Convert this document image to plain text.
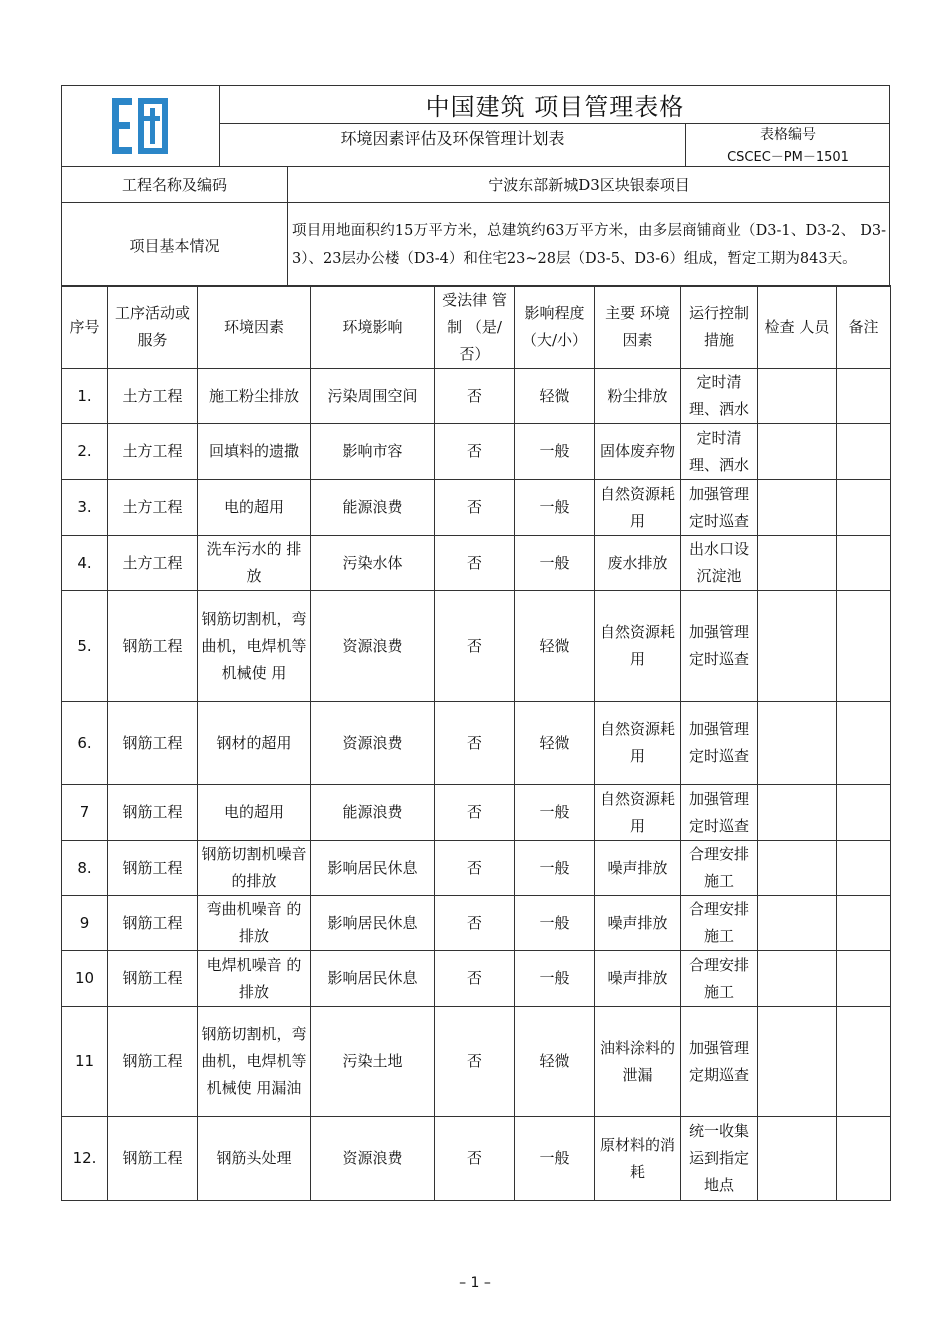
E团	中国建筑 项目管理表格
环境因素评估及环保管理计划表	表格编号
CSCEC－PM－1501
工程名称及编码	宁波东部新城D3区块银泰项目
项目基本情况
项目用地面积约15万平方米，总建筑约63万平方米，由多层商铺商业（D3-1、D3-2、 D3-3）、23层办公楼（D3-4）和住宅23~28层（D3-5、D3-6）组成，暂定工期为843天。
序号	工序活动或服务	环境因素	环境影响	受法律 管制 （是/否）	影响程度（大/小）	主要 环境因素	运行控制措施	检查 人员	备注
1.	土方工程	施工粉尘排放	污染周围空间	否	轻微	粉尘排放	定时清理、洒水		
2.	土方工程	回填料的遗撒	影响市容	否	一般	固体废弃物	定时清理、洒水		
3.	土方工程	电的超用	能源浪费	否	一般	自然资源耗用	加强管理定时巡查		
4.	土方工程	洗车污水的 排放	污染水体	否	一般	废水排放	出水口设沉淀池		
5.	钢筋工程	钢筋切割机，弯曲机，电焊机等机械使 用	资源浪费	否	轻微	自然资源耗用	加强管理定时巡查		
6.	钢筋工程	钢材的超用	资源浪费	否	轻微	自然资源耗用	加强管理定时巡查		
7	钢筋工程	电的超用	能源浪费	否	一般	自然资源耗用	加强管理定时巡查		
8.	钢筋工程	钢筋切割机噪音的排放	影响居民休息	否	一般	噪声排放	合理安排施工		
9	钢筋工程	弯曲机噪音 的排放	影响居民休息	否	一般	噪声排放	合理安排施工		
10	钢筋工程	电焊机噪音 的排放	影响居民休息	否	一般	噪声排放	合理安排施工		
11	钢筋工程	钢筋切割机，弯曲机，电焊机等机械使 用漏油	污染土地	否	轻微	油料涂料的泄漏	加强管理定期巡查		
12.	钢筋工程	钢筋头处理	资源浪费	否	一般	原材料的消耗	统一收集运到指定地点		
– 1 –
